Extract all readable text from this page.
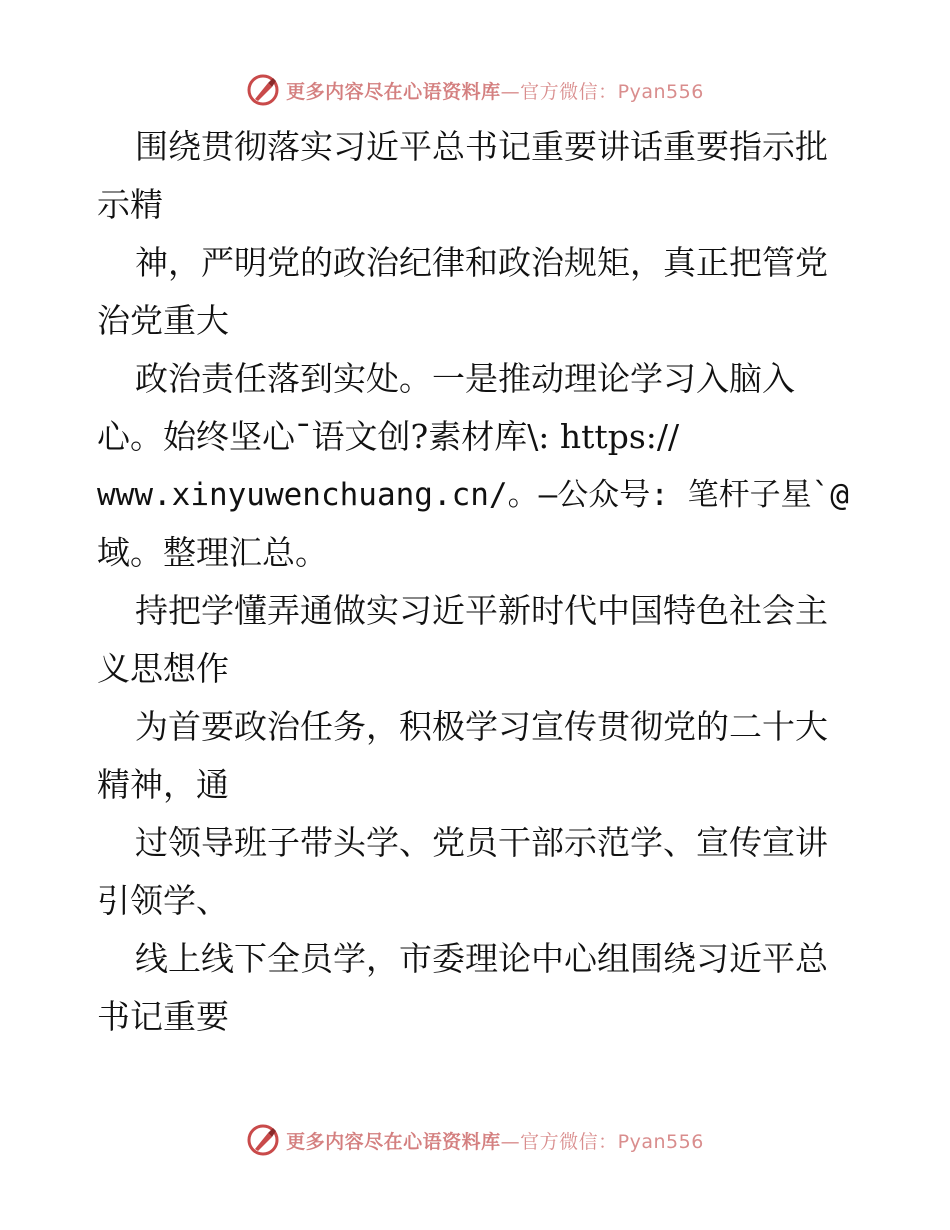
更多内容尽在心语资料库—官方微信：Pyan556
围绕贯彻落实习近平总书记重要讲话重要指示批
示精
神，严明党的政治纪律和政治规矩，真正把管党
治党重大
政治责任落到实处。一是推动理论学习入脑入
心。始终坚心¯语文创?素材库\: https://
www.xinyuwenchuang.cn/。—公众号: 笔杆子星`@
域。整理汇总。
持把学懂弄通做实习近平新时代中国特色社会主
义思想作
为首要政治任务，积极学习宣传贯彻党的二十大
精神，通
过领导班子带头学、党员干部示范学、宣传宣讲
引领学、
线上线下全员学，市委理论中心组围绕习近平总
书记重要
更多内容尽在心语资料库—官方微信：Pyan556
